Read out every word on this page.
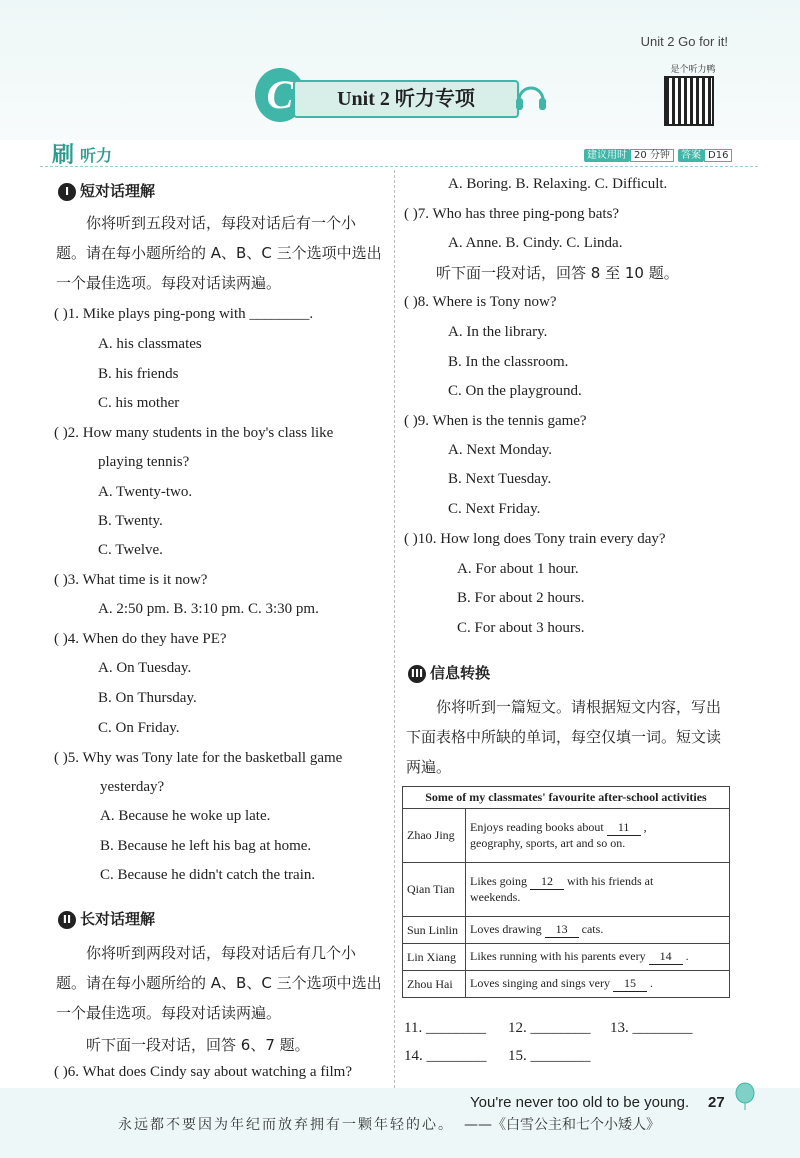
Unit 2 Go for it!
C	Unit 2 听力专项
是个听力鸭
刷 听力	建议用时 20 分钟	答案 D16
I 短对话理解
你将听到五段对话，每段对话后有一个小
题。请在每小题所给的 A、B、C 三个选项中选出
一个最佳选项。每段对话读两遍。
( )1. Mike plays ping-pong with ________.
A. his classmates
B. his friends
C. his mother
( )2. How many students in the boy's class like
playing tennis?
A. Twenty-two.
B. Twenty.
C. Twelve.
( )3. What time is it now?
A. 2:50 pm. B. 3:10 pm. C. 3:30 pm.
( )4. When do they have PE?
A. On Tuesday.
B. On Thursday.
C. On Friday.
( )5. Why was Tony late for the basketball game
yesterday?
A. Because he woke up late.
B. Because he left his bag at home.
C. Because he didn't catch the train.
II 长对话理解
你将听到两段对话，每段对话后有几个小
题。请在每小题所给的 A、B、C 三个选项中选出
一个最佳选项。每段对话读两遍。
听下面一段对话，回答 6、7 题。
( )6. What does Cindy say about watching a film?
A. Boring. B. Relaxing. C. Difficult.
( )7. Who has three ping-pong bats?
A. Anne. B. Cindy. C. Linda.
听下面一段对话，回答 8 至 10 题。
( )8. Where is Tony now?
A. In the library.
B. In the classroom.
C. On the playground.
( )9. When is the tennis game?
A. Next Monday.
B. Next Tuesday.
C. Next Friday.
( )10. How long does Tony train every day?
A. For about 1 hour.
B. For about 2 hours.
C. For about 3 hours.
III 信息转换
你将听到一篇短文。请根据短文内容，写出
下面表格中所缺的单词，每空仅填一词。短文读
两遍。
Some of my classmates' favourite after-school activities	
Zhao Jing	Enjoys reading books about 11 ,
geography, sports, art and so on.
Qian Tian	Likes going 12 with his friends at
weekends.
Sun Linlin	Loves drawing 13 cats.
Lin Xiang	Likes running with his parents every 14 .
Zhou Hai	Loves singing and sings very 15 .
11. ________ 12. ________ 13. ________
14. ________ 15. ________
You're never too old to be young. 27
永远都不要因为年纪而放弃拥有一颗年轻的心。 ——《白雪公主和七个小矮人》
